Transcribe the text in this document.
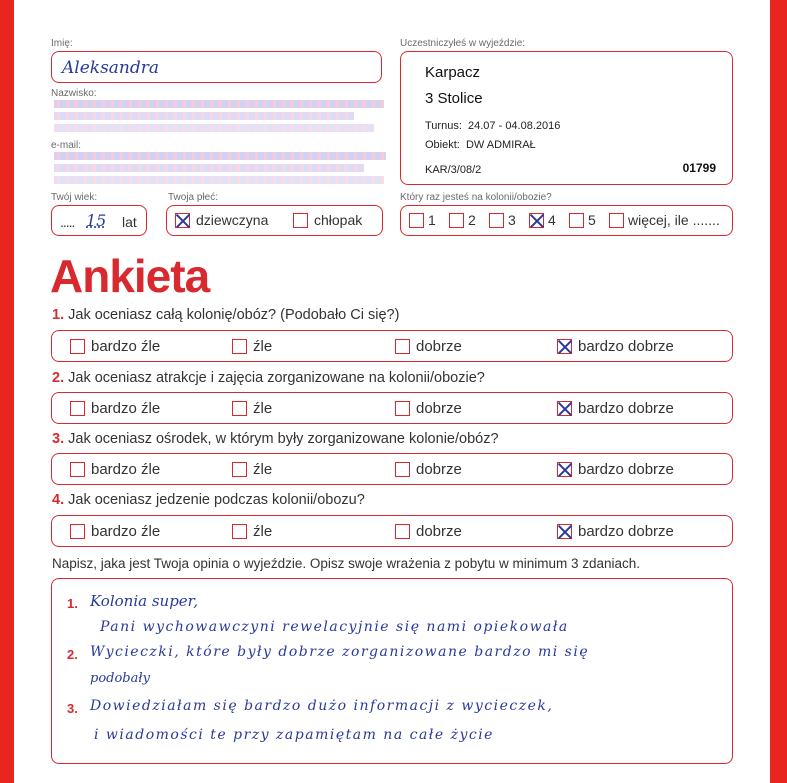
Imię:
Aleksandra
Nazwisko:
e-mail:
Twój wiek:
..... 15 lat
Twoja płeć:
dziewczyna	chłopak
Uczestniczyłeś w wyjeździe:
Karpacz
3 Stolice
Turnus: 24.07 - 04.08.2016
Obiekt: DW ADMIRAŁ
KAR/3/08/2	01799
Który raz jesteś na kolonii/obozie?
1 2 3 4 5 więcej, ile .......
Ankieta
1. Jak oceniasz całą kolonię/obóz? (Podobało Ci się?)
bardzo źle	źle	dobrze	bardzo dobrze
2. Jak oceniasz atrakcje i zajęcia zorganizowane na kolonii/obozie?
bardzo źle	źle	dobrze	bardzo dobrze
3. Jak oceniasz ośrodek, w którym były zorganizowane kolonie/obóz?
bardzo źle	źle	dobrze	bardzo dobrze
4. Jak oceniasz jedzenie podczas kolonii/obozu?
bardzo źle	źle	dobrze	bardzo dobrze
Napisz, jaka jest Twoja opinia o wyjeździe. Opisz swoje wrażenia z pobytu w minimum 3 zdaniach.
1.
2.
3.
Kolonia super,
Pani wychowawczyni rewelacyjnie się nami opiekowała
Wycieczki, które były dobrze zorganizowane bardzo mi się
podobały
Dowiedziałam się bardzo dużo informacji z wycieczek,
i wiadomości te przy zapamiętam na całe życie
